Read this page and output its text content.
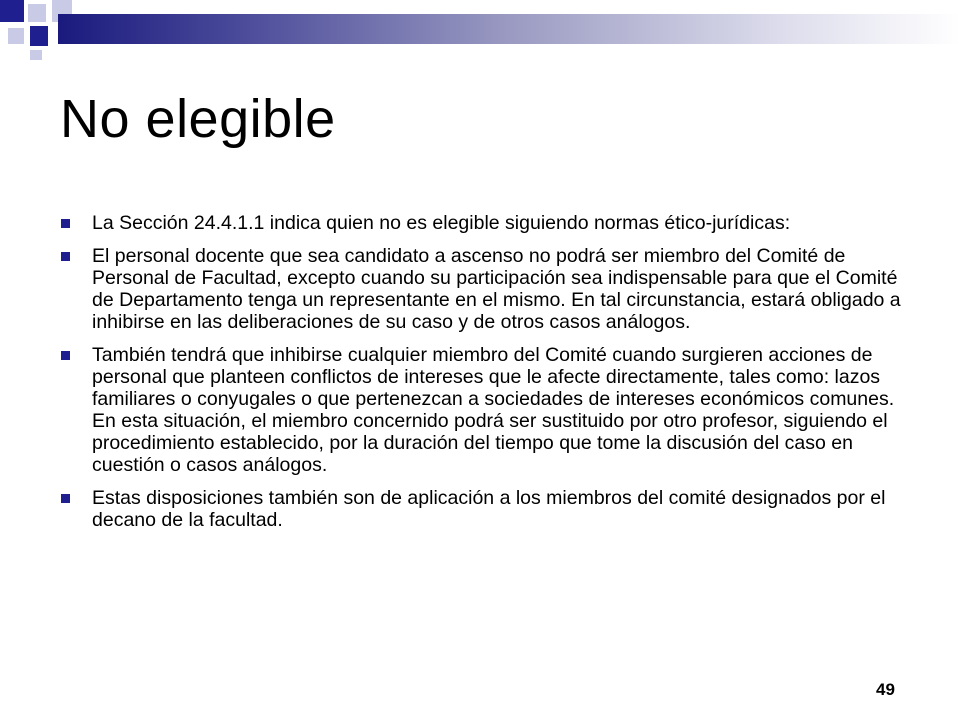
No elegible
La Sección 24.4.1.1 indica quien no es elegible siguiendo normas ético-jurídicas:
El personal docente que sea candidato a ascenso no podrá ser miembro del Comité de Personal de Facultad, excepto cuando su participación sea indispensable para que el Comité de Departamento tenga un representante en el mismo. En tal circunstancia, estará obligado a inhibirse en las deliberaciones de su caso y de otros casos análogos.
También tendrá que inhibirse cualquier miembro del Comité cuando surgieren acciones de personal que planteen conflictos de intereses que le afecte directamente, tales como: lazos familiares o conyugales o que pertenezcan a sociedades de intereses económicos comunes. En esta situación, el miembro concernido podrá ser sustituido por otro profesor, siguiendo el procedimiento establecido, por la duración del tiempo que tome la discusión del caso en cuestión o casos análogos.
Estas disposiciones también son de aplicación a los miembros del comité designados por el decano de la facultad.
49
